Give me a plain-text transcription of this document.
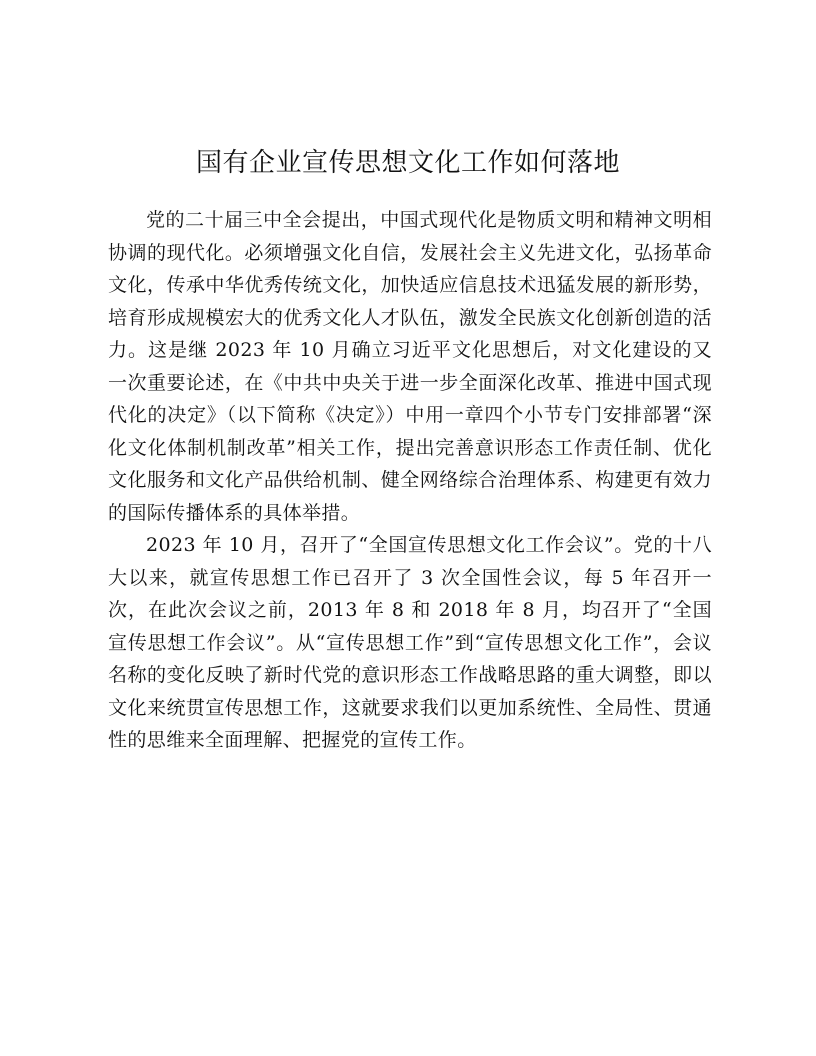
国有企业宣传思想文化工作如何落地

党的二十届三中全会提出，中国式现代化是物质文明和精神文明相协调的现代化。必须增强文化自信，发展社会主义先进文化，弘扬革命文化，传承中华优秀传统文化，加快适应信息技术迅猛发展的新形势，培育形成规模宏大的优秀文化人才队伍，激发全民族文化创新创造的活力。这是继 2023 年 10 月确立习近平文化思想后，对文化建设的又一次重要论述，在《中共中央关于进一步全面深化改革、推进中国式现代化的决定》（以下简称《决定》）中用一章四个小节专门安排部署“深化文化体制机制改革”相关工作，提出完善意识形态工作责任制、优化文化服务和文化产品供给机制、健全网络综合治理体系、构建更有效力的国际传播体系的具体举措。

2023 年 10 月，召开了“全国宣传思想文化工作会议”。党的十八大以来，就宣传思想工作已召开了 3 次全国性会议，每 5 年召开一次，在此次会议之前，2013 年 8 和 2018 年 8 月，均召开了“全国宣传思想工作会议”。从“宣传思想工作”到“宣传思想文化工作”，会议名称的变化反映了新时代党的意识形态工作战略思路的重大调整，即以文化来统贯宣传思想工作，这就要求我们以更加系统性、全局性、贯通性的思维来全面理解、把握党的宣传工作。
